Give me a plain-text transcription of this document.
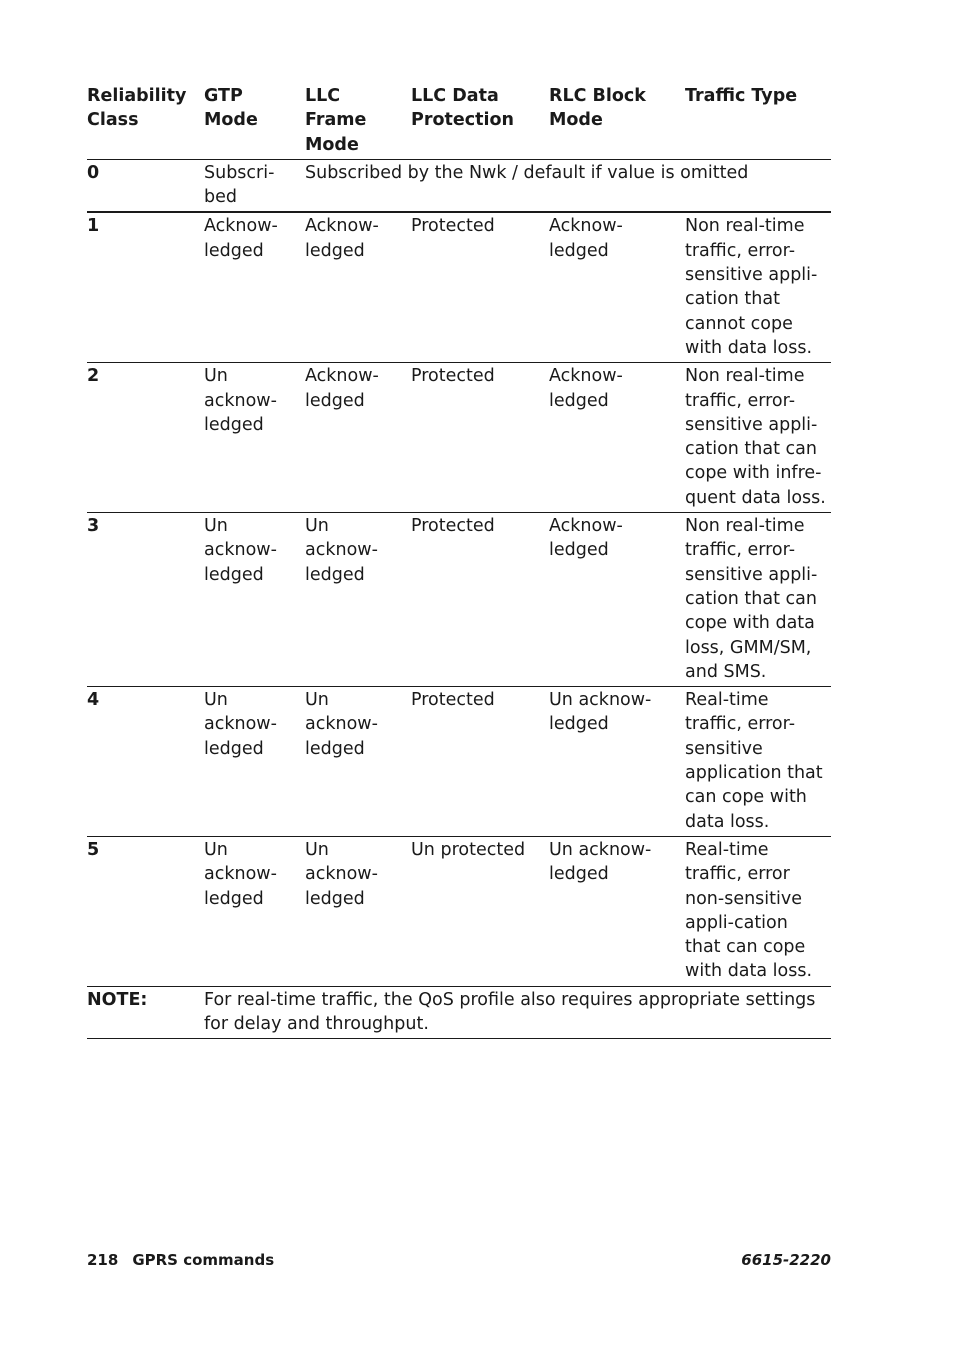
Reliability Class	GTP Mode	LLC Frame Mode	LLC Data Protection	RLC Block Mode	Traffic Type
0	Subscri-bed	Subscribed by the Nwk / default if value is omitted			
1	Acknow-ledged	Acknow-ledged	Protected	Acknow-ledged	Non real-time traffic, error-sensitive appli-cation that cannot cope with data loss.
2	Un acknow-ledged	Acknow-ledged	Protected	Acknow-ledged	Non real-time traffic, error-sensitive appli-cation that can cope with infre-quent data loss.
3	Un acknow-ledged	Un acknow-ledged	Protected	Acknow-ledged	Non real-time traffic, error-sensitive appli-cation that can cope with data loss, GMM/SM, and SMS.
4	Un acknow-ledged	Un acknow-ledged	Protected	Un acknow-ledged	Real-time traffic, error-sensitive application that can cope with data loss.
5	Un acknow-ledged	Un acknow-ledged	Un protected	Un acknow-ledged	Real-time traffic, error non-sensitive appli-cation that can cope with data loss.
NOTE:	For real-time traffic, the QoS profile also requires appropriate settings for delay and throughput.				
218 GPRS commands	6615-2220
